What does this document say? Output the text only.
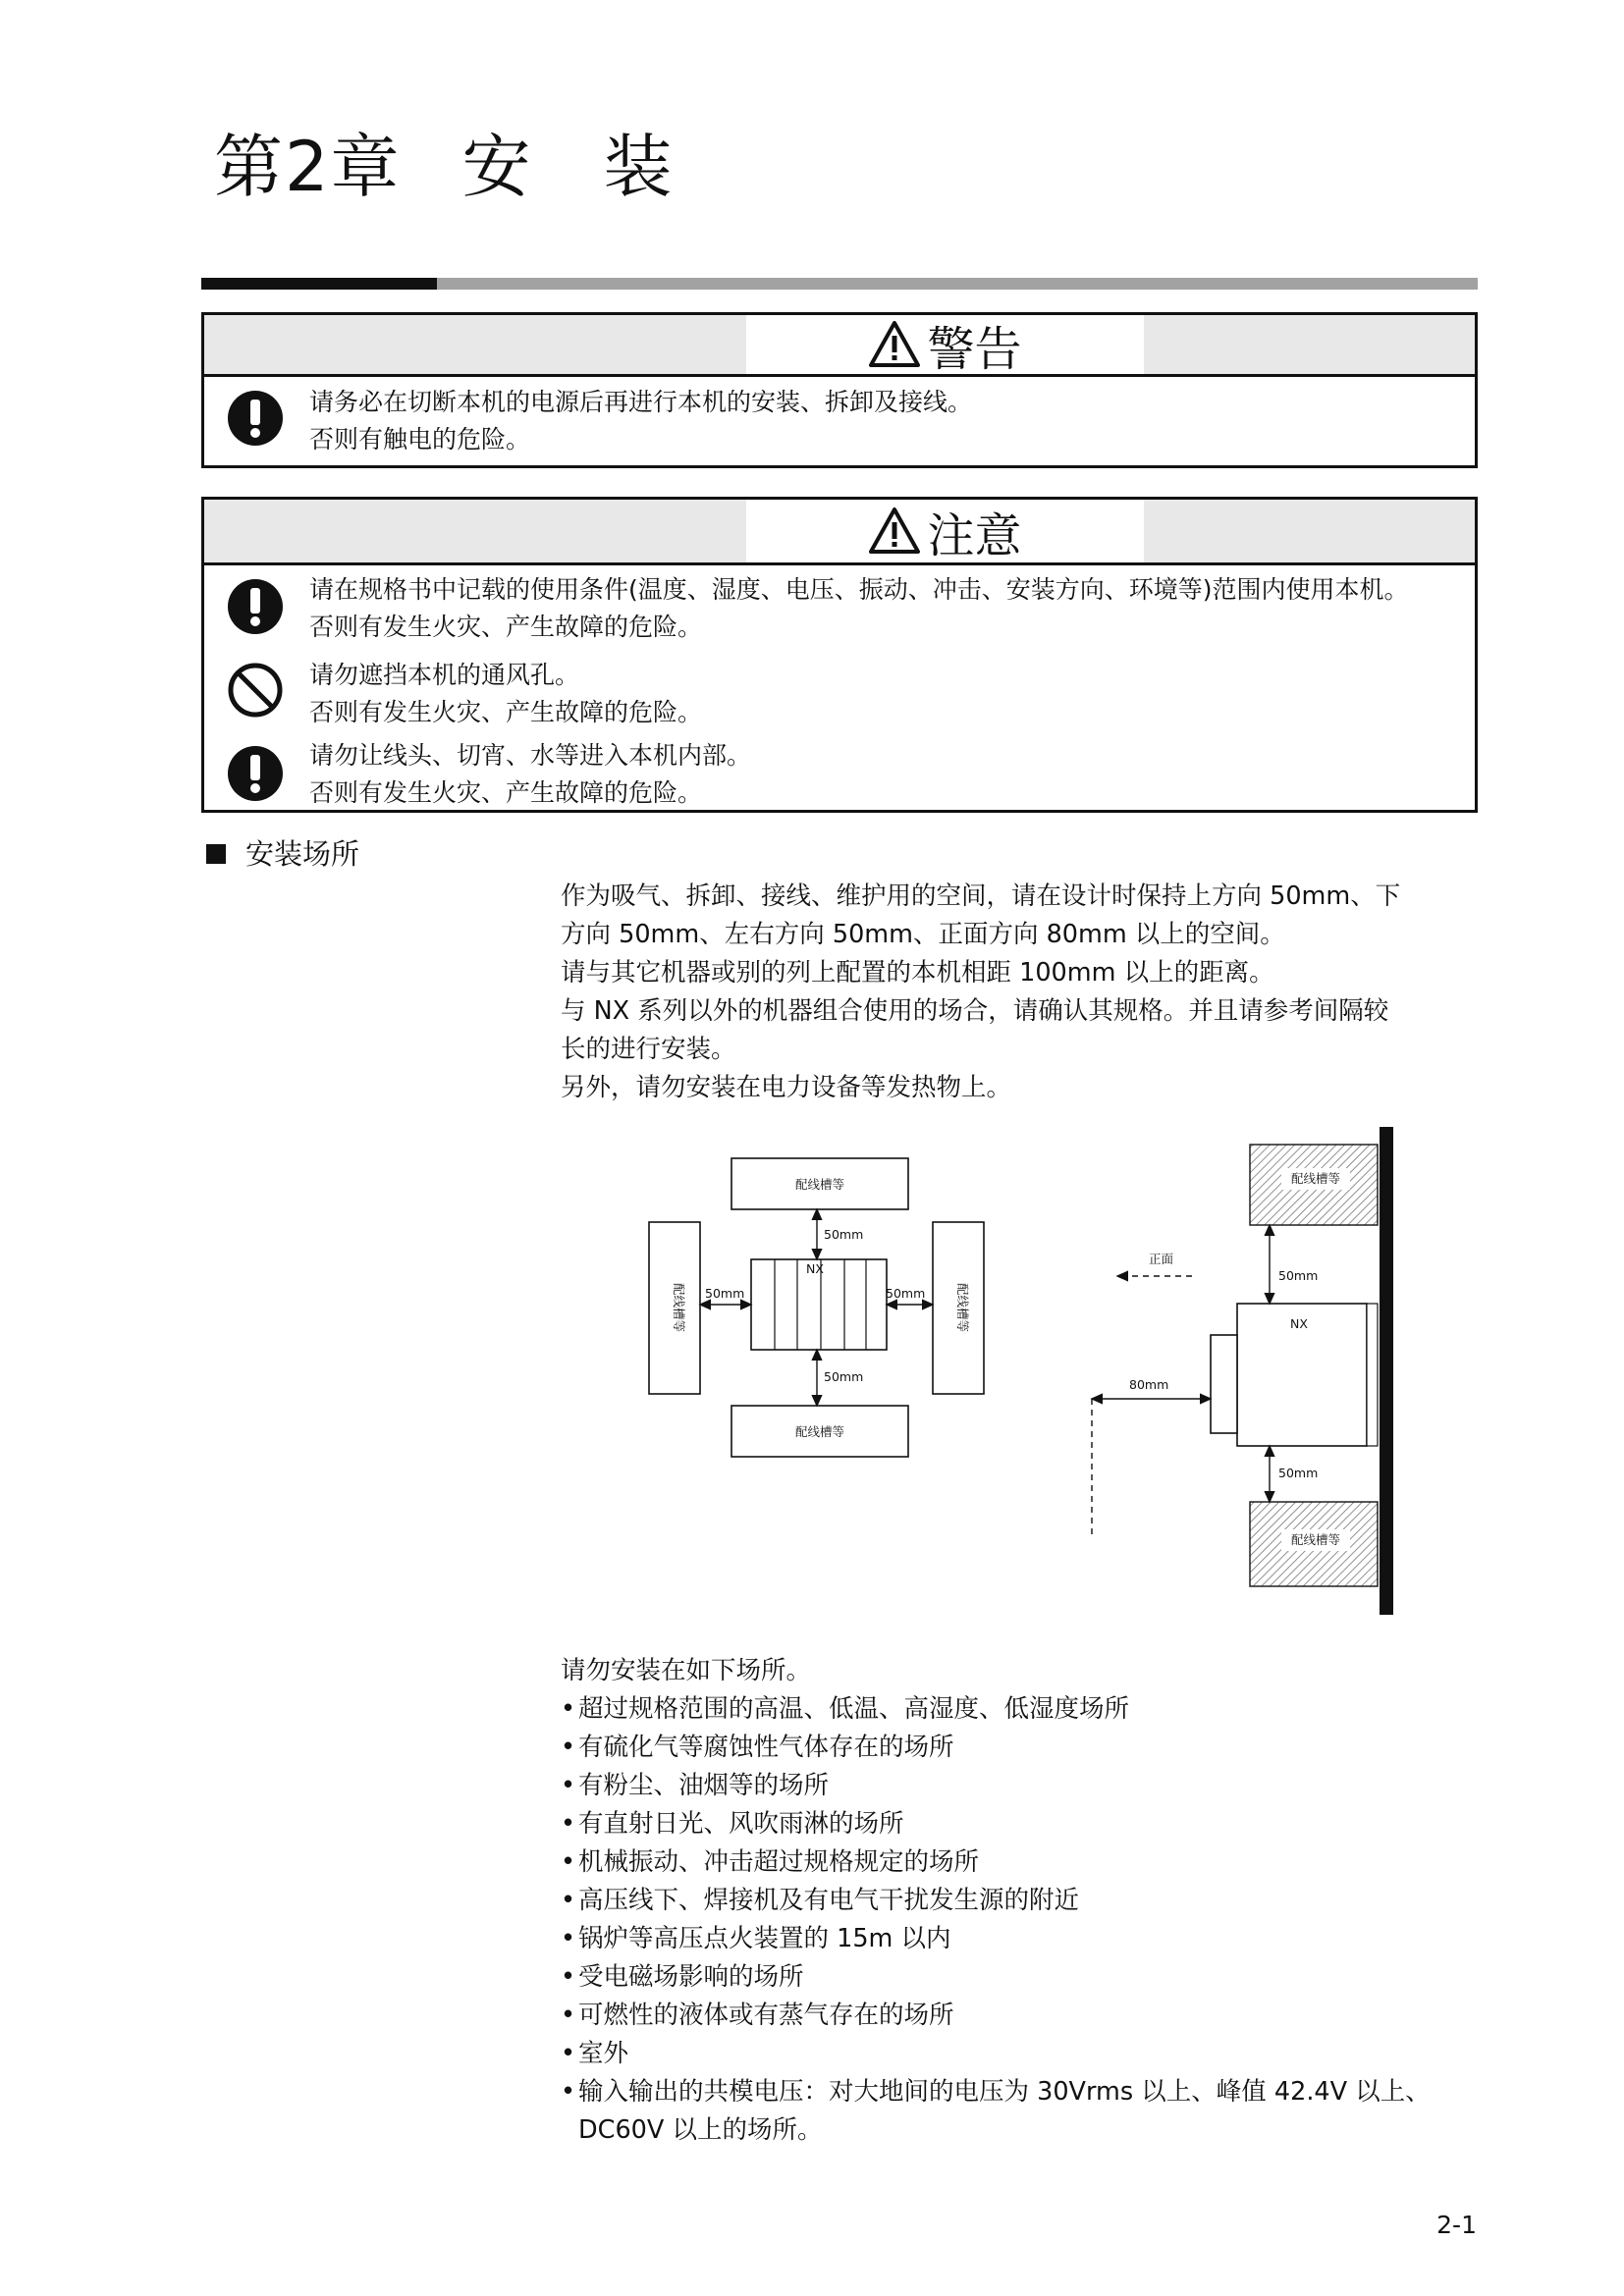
第2章 安 装
警告
请务必在切断本机的电源后再进行本机的安装、拆卸及接线。
否则有触电的危险。
注意
请在规格书中记载的使用条件(温度、湿度、电压、振动、冲击、安装方向、环境等)范围内使用本机。
否则有发生火灾、产生故障的危险。
请勿遮挡本机的通风孔。
否则有发生火灾、产生故障的危险。
请勿让线头、切宵、水等进入本机内部。
否则有发生火灾、产生故障的危险。
安装场所
作为吸气、拆卸、接线、维护用的空间，请在设计时保持上方向 50mm、下
方向 50mm、左右方向 50mm、正面方向 80mm 以上的空间。
请与其它机器或别的列上配置的本机相距 100mm 以上的距离。
与 NX 系列以外的机器组合使用的场合，请确认其规格。并且请参考间隔较
长的进行安装。
另外，请勿安装在电力设备等发热物上。
配线槽等
配线槽等
配线槽等	配线槽等
NX
50mm
50mm
50mm	50mm
配线槽等
配线槽等
NX
50mm
50mm
80mm
正面
请勿安装在如下场所。
• 超过规格范围的高温、低温、高湿度、低湿度场所
• 有硫化气等腐蚀性气体存在的场所
• 有粉尘、油烟等的场所
• 有直射日光、风吹雨淋的场所
• 机械振动、冲击超过规格规定的场所
• 高压线下、焊接机及有电气干扰发生源的附近
• 锅炉等高压点火装置的 15m 以内
• 受电磁场影响的场所
• 可燃性的液体或有蒸气存在的场所
• 室外
• 输入输出的共模电压：对大地间的电压为 30Vrms 以上、峰值 42.4V 以上、
DC60V 以上的场所。
2-1
